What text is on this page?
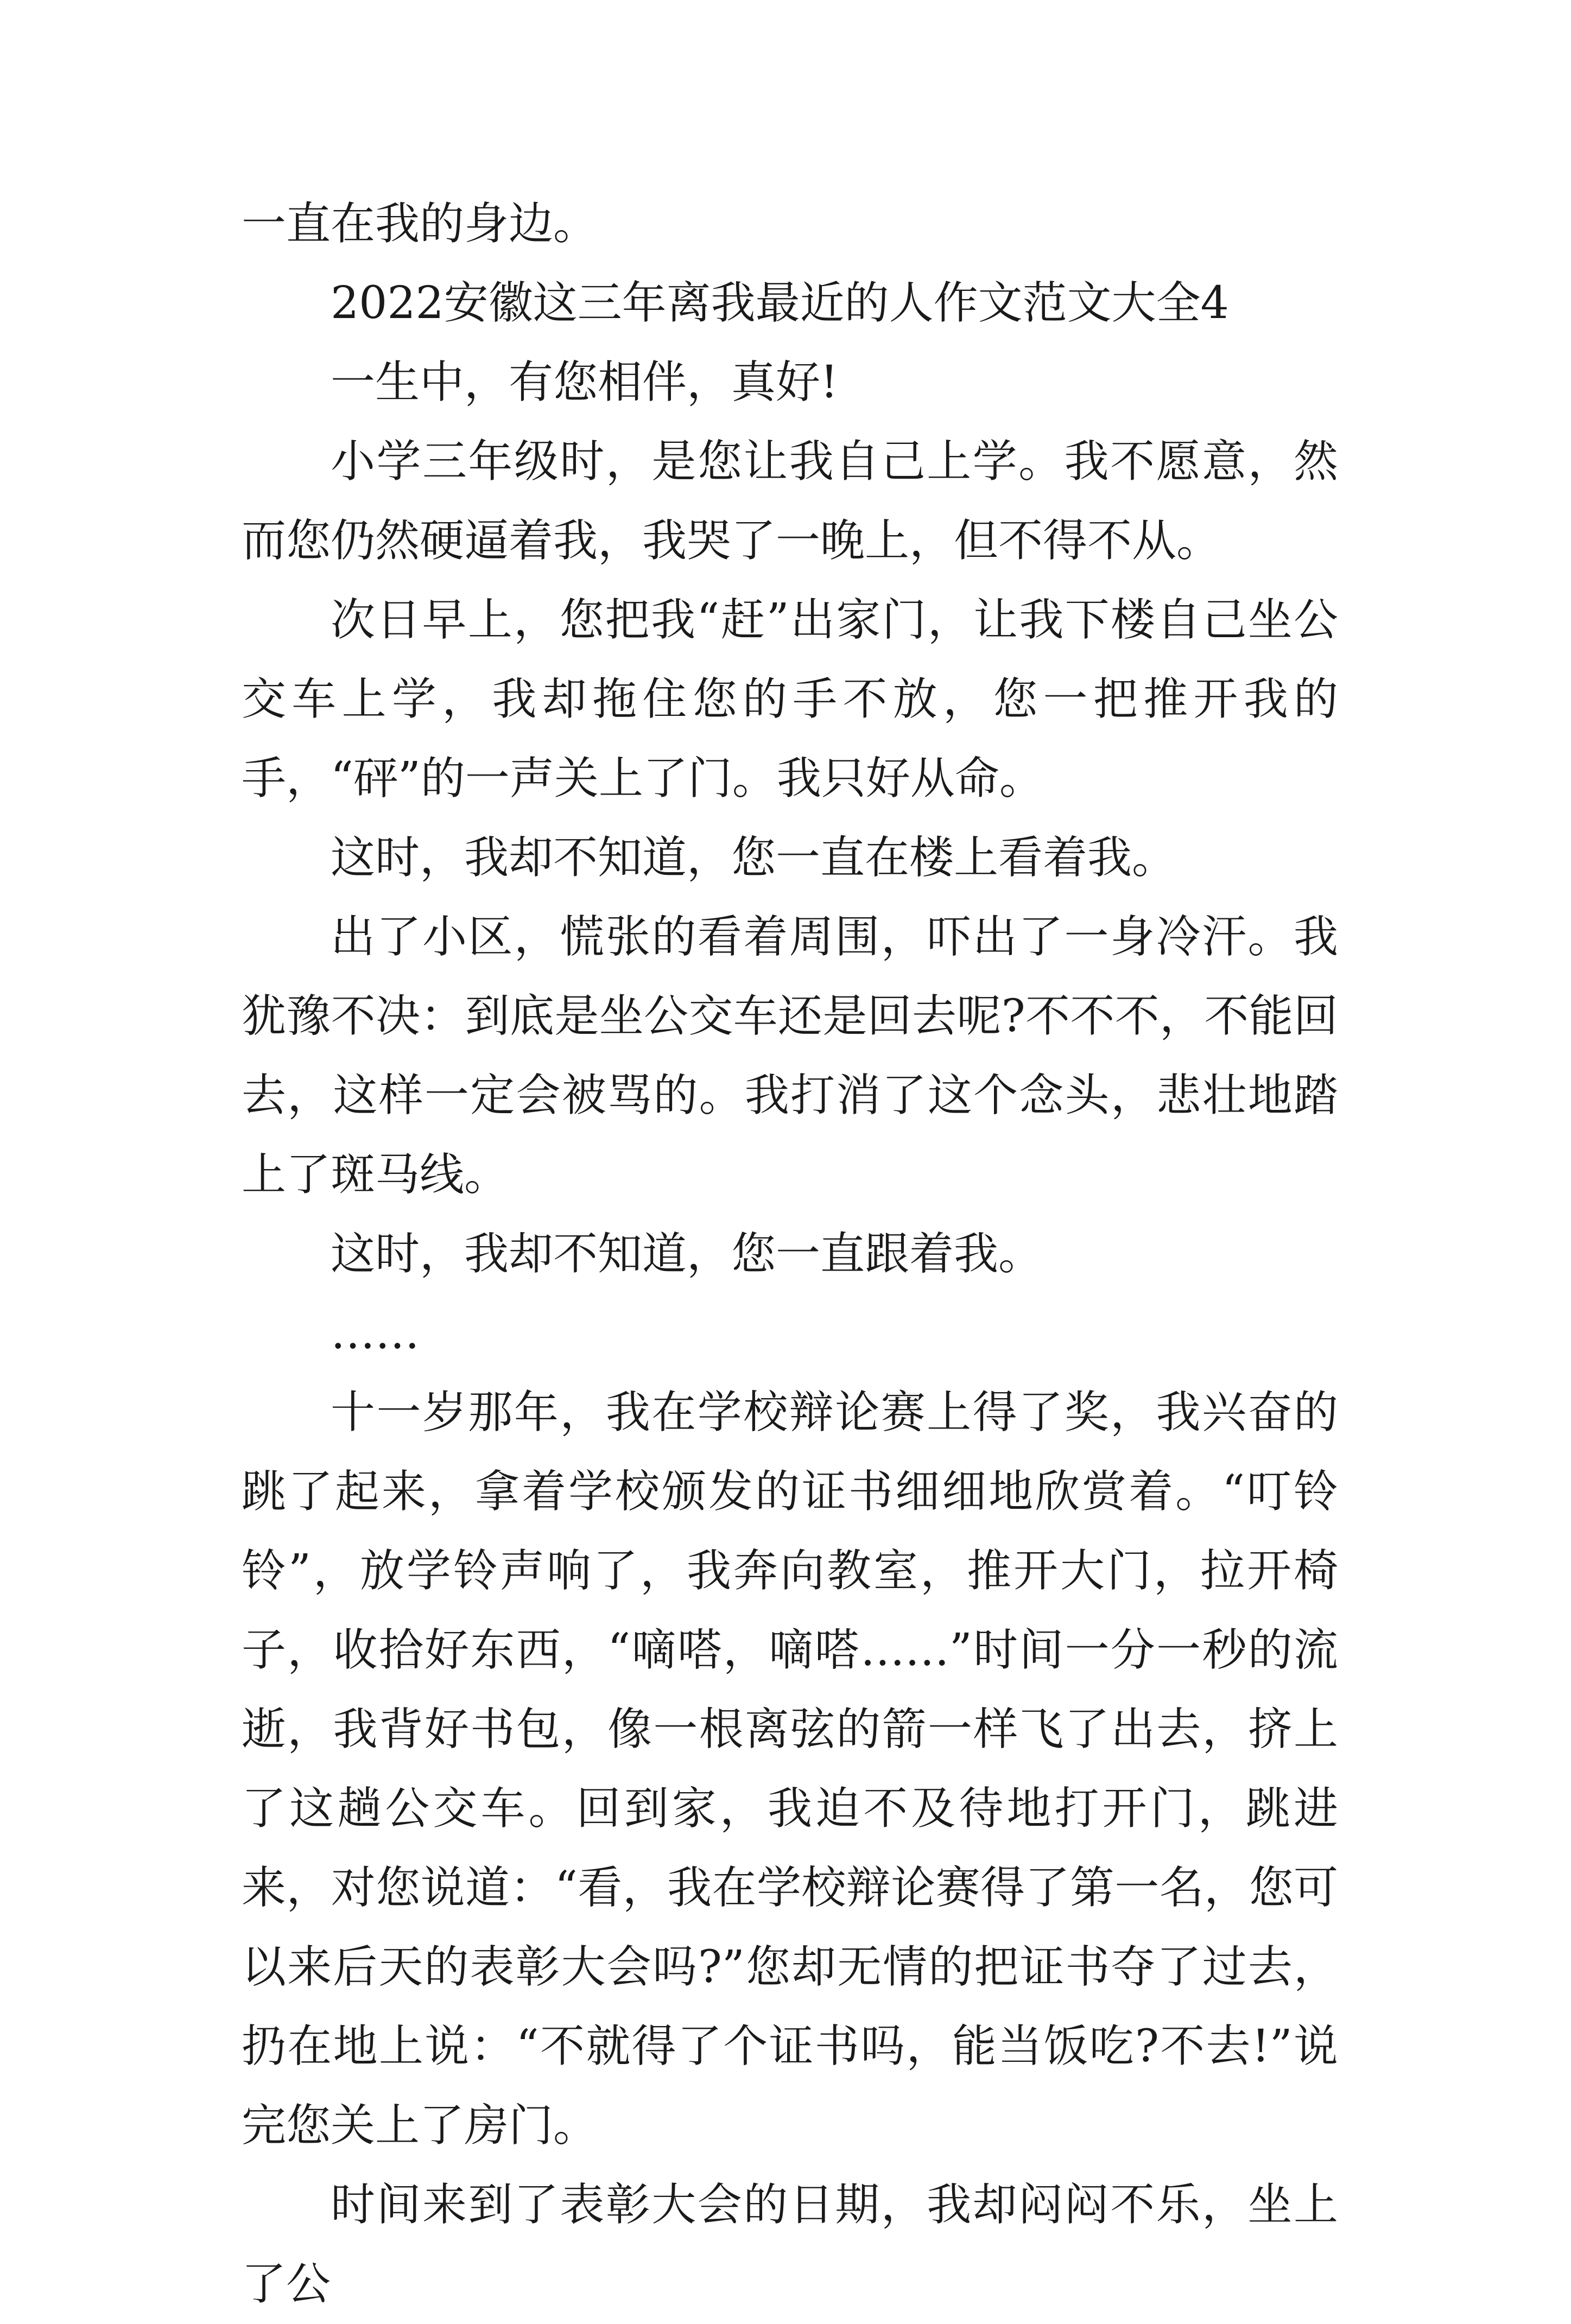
一直在我的身边。

2022安徽这三年离我最近的人作文范文大全4

一生中，有您相伴，真好!

小学三年级时，是您让我自己上学。我不愿意，然而您仍然硬逼着我，我哭了一晚上，但不得不从。

次日早上，您把我“赶”出家门，让我下楼自己坐公交车上学，我却拖住您的手不放，您一把推开我的手，“砰”的一声关上了门。我只好从命。

这时，我却不知道，您一直在楼上看着我。

出了小区，慌张的看着周围，吓出了一身冷汗。我犹豫不决：到底是坐公交车还是回去呢?不不不，不能回去，这样一定会被骂的。我打消了这个念头，悲壮地踏上了斑马线。

这时，我却不知道，您一直跟着我。

……

十一岁那年，我在学校辩论赛上得了奖，我兴奋的跳了起来，拿着学校颁发的证书细细地欣赏着。“叮铃铃”，放学铃声响了，我奔向教室，推开大门，拉开椅子，收拾好东西，“嘀嗒，嘀嗒……”时间一分一秒的流逝，我背好书包，像一根离弦的箭一样飞了出去，挤上了这趟公交车。回到家，我迫不及待地打开门，跳进来，对您说道：“看，我在学校辩论赛得了第一名，您可以来后天的表彰大会吗?”您却无情的把证书夺了过去，扔在地上说：“不就得了个证书吗，能当饭吃?不去!”说完您关上了房门。

时间来到了表彰大会的日期，我却闷闷不乐，坐上了公
